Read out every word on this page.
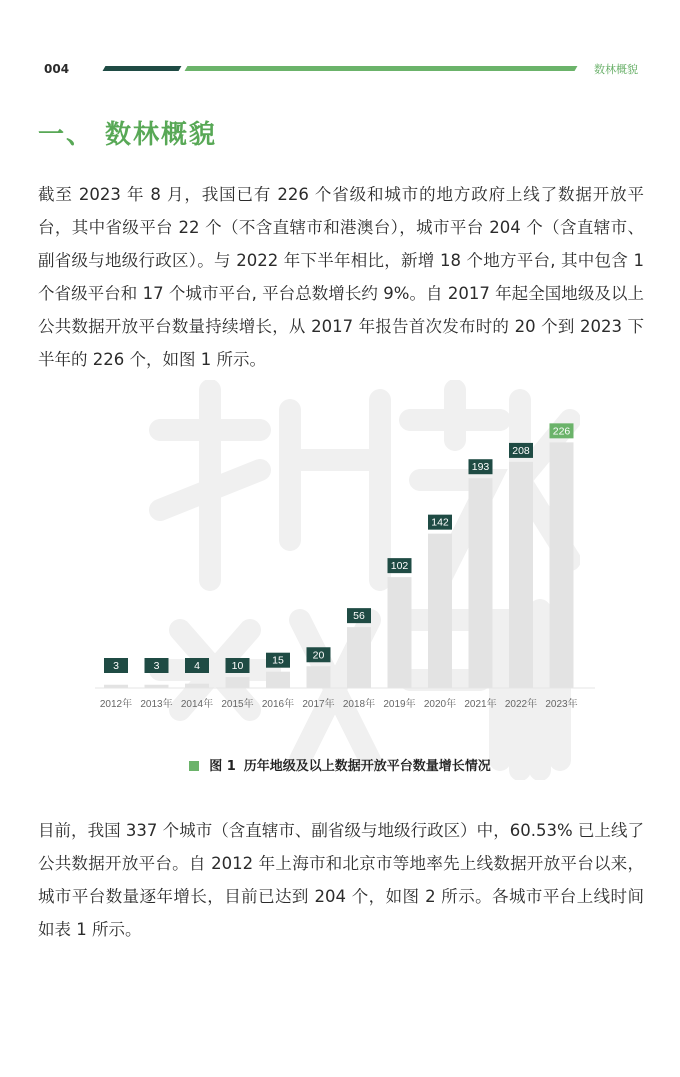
004	数林概貌
一、 数林概貌

截至 2023 年 8 月，我国已有 226 个省级和城市的地方政府上线了数据开放平台，其中省级平台 22 个（不含直辖市和港澳台），城市平台 204 个（含直辖市、副省级与地级行政区）。与 2022 年下半年相比，新增 18 个地方平台, 其中包含 1 个省级平台和 17 个城市平台, 平台总数增长约 9%。自 2017 年起全国地级及以上公共数据开放平台数量持续增长，从 2017 年报告首次发布时的 20 个到 2023 下半年的 226 个，如图 1 所示。

3	3	4	10	15	20
56
102
142
193
208
226
2012年 2013年 2014年 2015年 2016年 2017年 2018年 2019年 2020年 2021年 2022年 2023年
图 1 历年地级及以上数据开放平台数量增长情况

目前，我国 337 个城市（含直辖市、副省级与地级行政区）中，60.53% 已上线了公共数据开放平台。自 2012 年上海市和北京市等地率先上线数据开放平台以来，城市平台数量逐年增长，目前已达到 204 个，如图 2 所示。各城市平台上线时间如表 1 所示。
